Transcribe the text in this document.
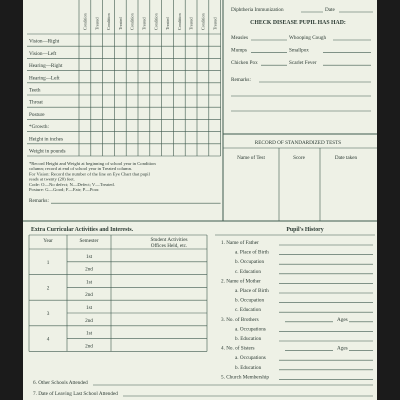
Condition Treated Condition Treated Condition Treated Condition Treated Condition Treated Condition Treated
Vision—Right
Vision—Left
Hearing—Right
Hearing—Left
Teeth
Throat
Posture
*Growth:
Height in inches
Weight in pounds
*Record Height and Weight at beginning of school year in Condition
column; record at end of school year in Treated column.
For Vision: Record the number of the line on Eye Chart that pupil
reads at twenty (20) feet.
Code: O—No defect; N—Defect; V—Treated.
Posture: G—Good; F—Fair; P—Poor.
Remarks:
Diphtheria Immunization	Date
CHECK DISEASE PUPIL HAS HAD:
Measles	Whooping Cough
Mumps	Smallpox
Chicken Pox	Scarlet Fever
Remarks:
RECORD OF STANDARDIZED TESTS
Name of Test	Score	Date taken
Extra Curricular Activities and Interests.
Year	Semester	Student Activities
Offices Held, etc.
1
1st
2nd
2
1st
2nd
3
1st
2nd
4
1st
2nd
Pupil's History
1. Name of Father
a. Place of Birth
b. Occupation
c. Education
2. Name of Mother
a. Place of Birth
b. Occupation
c. Education
3. No. of Brothers	Ages
a. Occupations
b. Education
4. No. of Sisters	Ages
a. Occupations
b. Education
5. Church Membership
6. Other Schools Attended
7. Date of Leaving Last School Attended
